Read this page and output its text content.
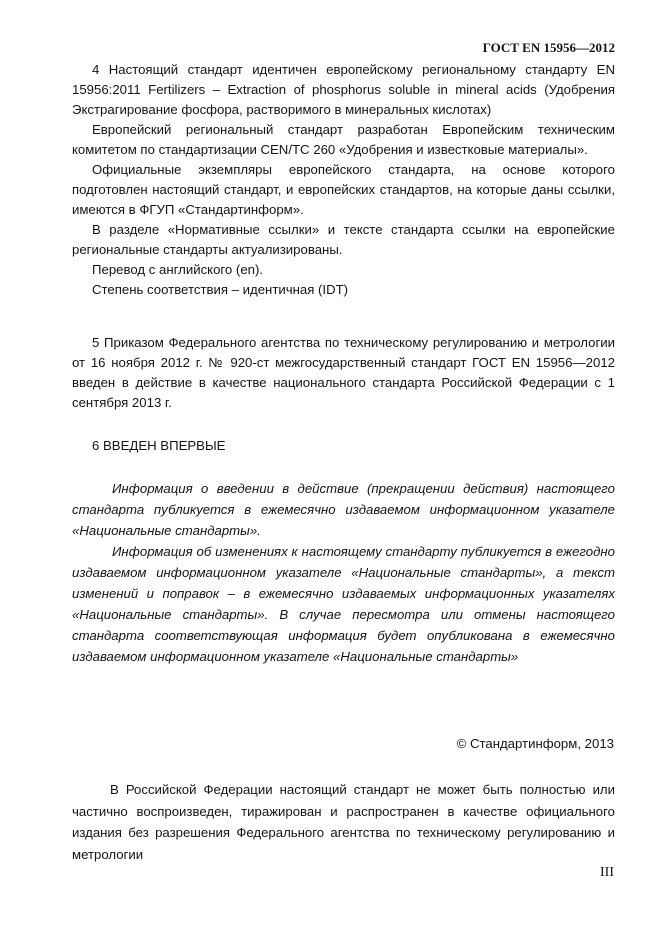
ГОСТ EN 15956—2012

4 Настоящий стандарт идентичен европейскому региональному стандарту EN 15956:2011 Fertilizers – Extraction of phosphorus soluble in mineral acids (Удобрения Экстрагирование фосфора, растворимого в минеральных кислотах)

Европейский региональный стандарт разработан Европейским техническим комитетом по стандартизации CEN/TC 260 «Удобрения и известковые материалы».

Официальные экземпляры европейского стандарта, на основе которого подготовлен настоящий стандарт, и европейских стандартов, на которые даны ссылки, имеются в ФГУП «Стандартинформ».

В разделе «Нормативные ссылки» и тексте стандарта ссылки на европейские региональные стандарты актуализированы.

Перевод с английского (en).

Степень соответствия – идентичная (IDT)

5 Приказом Федерального агентства по техническому регулированию и метрологии от 16 ноября 2012 г. № 920-ст межгосударственный стандарт ГОСТ EN 15956—2012 введен в действие в качестве национального стандарта Российской Федерации с 1 сентября 2013 г.

6 ВВЕДЕН ВПЕРВЫЕ

Информация о введении в действие (прекращении действия) настоящего стандарта публикуется в ежемесячно издаваемом информационном указателе «Национальные стандарты».

Информация об изменениях к настоящему стандарту публикуется в ежегодно издаваемом информационном указателе «Национальные стандарты», а текст изменений и поправок – в ежемесячно издаваемых информационных указателях «Национальные стандарты». В случае пересмотра или отмены настоящего стандарта соответствующая информация будет опубликована в ежемесячно издаваемом информационном указателе «Национальные стандарты»

© Стандартинформ, 2013

В Российской Федерации настоящий стандарт не может быть полностью или частично воспроизведен, тиражирован и распространен в качестве официального издания без разрешения Федерального агентства по техническому регулированию и метрологии

III
